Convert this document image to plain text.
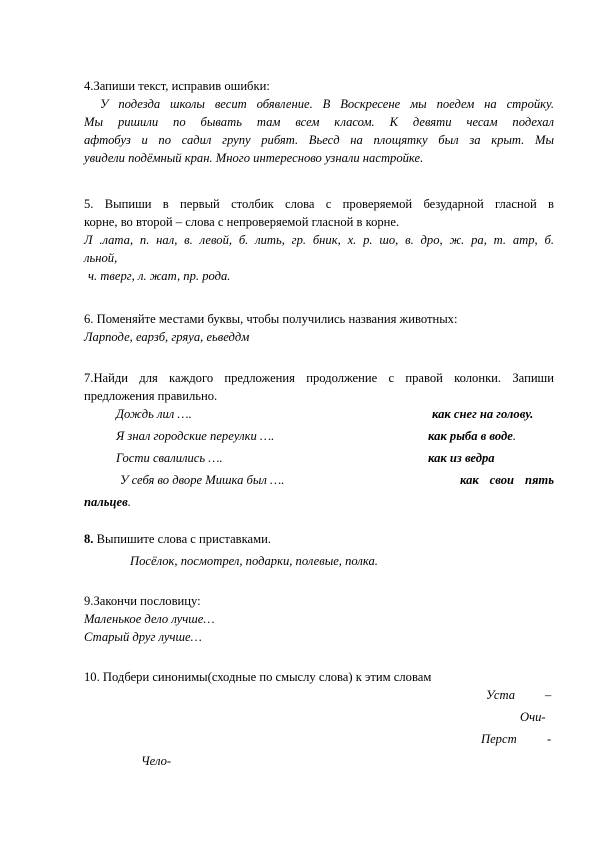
4.Запиши текст, исправив ошибки:
У подезда школы весит обявление. В Воскресене мы поедем на стройку.
Мы ришили по бывать там всем класом. К девяти чесам подехал
афтобуз и по садил групу рибят. Вьесд на площятку был за крыт. Мы
увидели подёмный кран. Много интересново узнали настройке.
5. Выпиши в первый столбик слова с проверяемой безударной гласной в
корне, во второй – слова с непроверяемой гласной в корне.
Л .лата, п. нал, в. левой, б. лить, гр. бник, х. р. шо, в. дро, ж. ра, т. атр, б.
льной,
ч. тверг, л. жат, пр. рода.
6. Поменяйте местами буквы, чтобы получились названия животных:
Ларподе, еарзб, гряуа, еьведдм
7.Найди для каждого предложения продолжение с правой колонки. Запиши
предложения правильно.
Дождь лил ….	как снег на голову.
Я знал городские переулки ….	как рыба в воде.
Гости свалились ….	как из ведра
У себя во дворе Мишка был ….	как свои пять
пальцев.
8. Выпишите слова с приставками.
Посёлок, посмотрел, подарки, полевые, полка.
9.Закончи пословицу:
Маленькое дело лучше…
Старый друг лучше…
10. Подбери синонимы(сходные по смыслу слова) к этим словам
Уста –
Очи-
Перст -
Чело-
